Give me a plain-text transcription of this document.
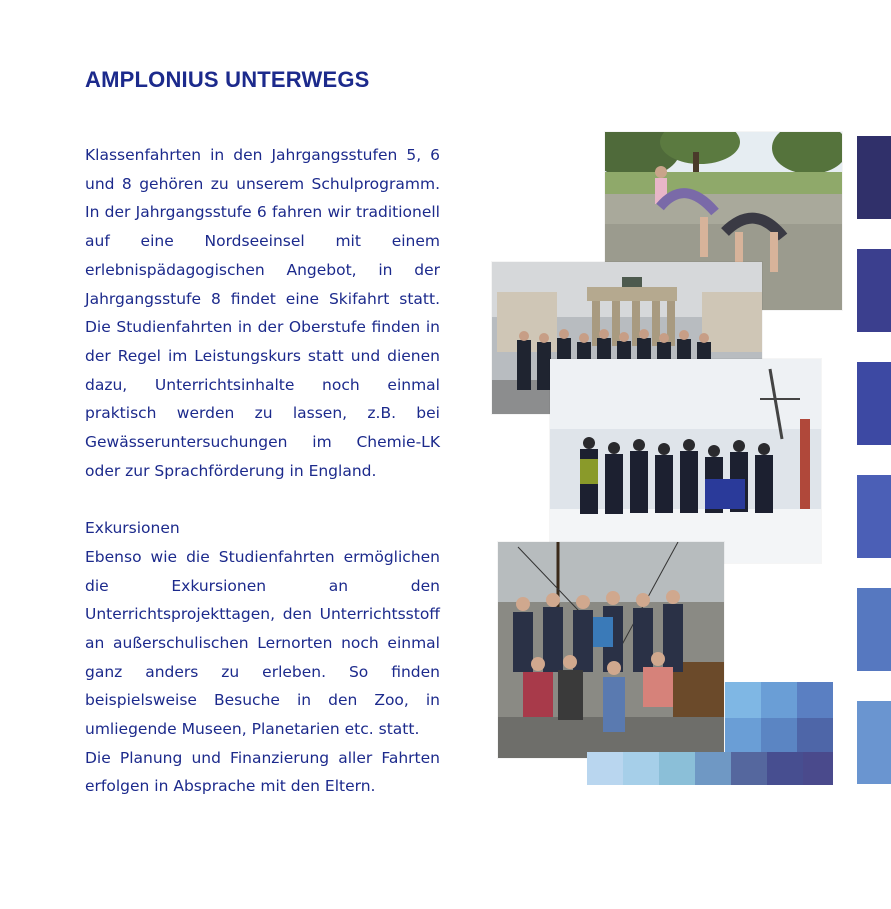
AMPLONIUS UNTERWEGS

Klassenfahrten in den Jahrgangsstufen 5, 6 und 8 gehören zu unserem Schulprogramm. In der Jahrgangsstufe 6 fahren wir traditionell auf eine Nordseeinsel mit einem erlebnispädagogischen Angebot, in der Jahrgangsstufe 8 findet eine Skifahrt statt. Die Studienfahrten in der Oberstufe finden in der Regel im Leistungskurs statt und dienen dazu, Unterrichtsinhalte noch einmal praktisch werden zu lassen, z.B. bei Gewässeruntersuchungen im Chemie-LK oder zur Sprachförderung in England.

Exkursionen

Ebenso wie die Studienfahrten ermöglichen die Exkursionen an den Unterrichtsprojekttagen, den Unterrichtsstoff an außerschulischen Lernorten noch einmal ganz anders zu erleben. So finden beispielsweise Besuche in den Zoo, in umliegende Museen, Planetarien etc. statt.

Die Planung und Finanzierung aller Fahrten erfolgen in Absprache mit den Eltern.
